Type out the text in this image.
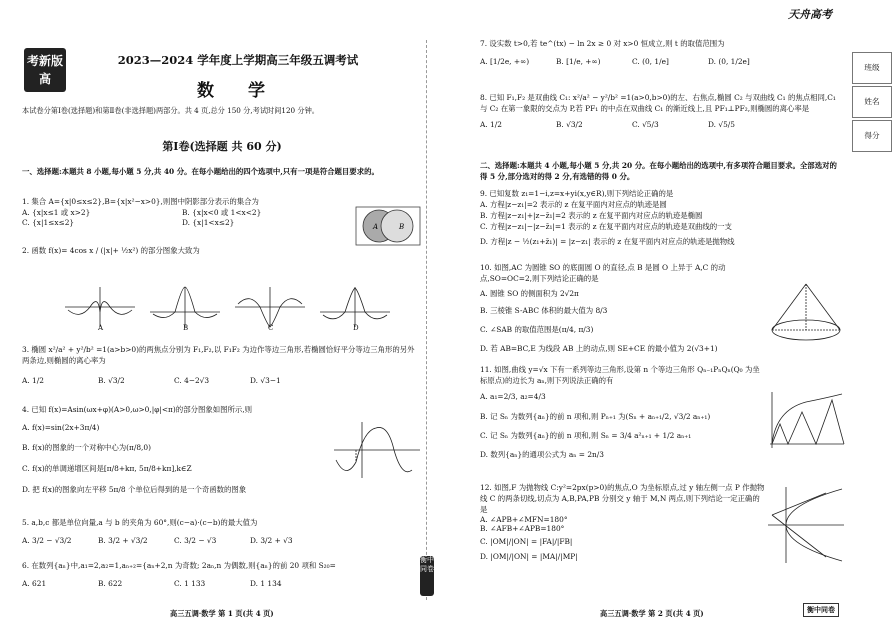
天舟高考
考新版高
2023—2024 学年度上学期高三年级五调考试
数 学
本试卷分第Ⅰ卷(选择题)和第Ⅱ卷(非选择题)两部分。共 4 页,总分 150 分,考试时间120 分钟。
第Ⅰ卷(选择题 共 60 分)
班级
姓名
得分
一、选择题:本题共 8 小题,每小题 5 分,共 40 分。在每小题给出的四个选项中,只有一项是符合题目要求的。
1. 集合 A={x|0≤x≤2},B={x|x²−x>0},则图中阴影部分表示的集合为
A. {x|x≤1 或 x>2}	B. {x|x<0 或 1<x<2}
C. {x|1≤x≤2}	D. {x|1<x≤2}	A	B
2. 函数 f(x)= 4cos x / (|x|+ ½x²) 的部分图象大致为
A	B	C	D
3. 椭圆 x²/a² + y²/b² =1(a>b>0)的两焦点分别为 F₁,F₂,以 F₁F₂ 为边作等边三角形,若椭圆恰好平分等边三角形的另外两条边,则椭圆的离心率为
A. 1/2	B. √3/2	C. 4−2√3	D. √3−1
4. 已知 f(x)=Asin(ωx+φ)(A>0,ω>0,|φ|<π)的部分图象如图所示,则
A. f(x)=sin(2x+3π/4)
B. f(x)的图象的一个对称中心为(π/8,0)
C. f(x)的单调递增区间是[π/8+kπ, 5π/8+kπ],k∈Z
D. 把 f(x)的图象向左平移 5π/8 个单位后得到的是一个奇函数的图象
5. a,b,c 都是单位向量,a 与 b 的夹角为 60°,则(c−a)·(c−b)的最大值为
A. 3/2 − √3/2	B. 3/2 + √3/2	C. 3/2 − √3	D. 3/2 + √3
6. 在数列{aₙ}中,a₁=2,a₂=1,aₙ₊₂={aₙ+2,n 为奇数; 2aₙ,n 为偶数,则{aₙ}的前 20 项和 S₂₀=
A. 621	B. 622	C. 1 133	D. 1 134
高三五调·数学 第 1 页(共 4 页)
衡中同卷
7. 设实数 t>0,若 te^(tx) − ln 2x ≥ 0 对 x>0 恒成立,则 t 的取值范围为
A. [1/2e, +∞)	B. [1/e, +∞)	C. (0, 1/e]	D. (0, 1/2e]
8. 已知 F₁,F₂ 是双曲线 C₁: x²/a² − y²/b² =1(a>0,b>0)的左、右焦点,椭圆 C₂ 与双曲线 C₁ 的焦点相同,C₁ 与 C₂ 在第一象限的交点为 P,若 PF₁ 的中点在双曲线 C₁ 的渐近线上,且 PF₁⊥PF₂,则椭圆的离心率是
A. 1/2	B. √3/2	C. √5/3	D. √5/5
二、选择题:本题共 4 小题,每小题 5 分,共 20 分。在每小题给出的选项中,有多项符合题目要求。全部选对的得 5 分,部分选对的得 2 分,有选错的得 0 分。
9. 已知复数 z₁=1−i,z=x+yi(x,y∈R),则下列结论正确的是
A. 方程|z−z₁|=2 表示的 z 在复平面内对应点的轨迹是圆
B. 方程|z−z₁|+|z−z̄₁|=2 表示的 z 在复平面内对应点的轨迹是椭圆
C. 方程|z−z₁|−|z−z̄₁|=1 表示的 z 在复平面内对应点的轨迹是双曲线的一支
D. 方程|z − ½(z₁+z̄₁)| = |z−z₁| 表示的 z 在复平面内对应点的轨迹是抛物线
10. 如图,AC 为圆锥 SO 的底面圆 O 的直径,点 B 是圆 O 上异于 A,C 的动点,SO=OC=2,则下列结论正确的是
A. 圆锥 SO 的侧面积为 2√2π
B. 三棱锥 S-ABC 体积的最大值为 8/3
C. ∠SAB 的取值范围是(π/4, π/3)
D. 若 AB=BC,E 为线段 AB 上的动点,则 SE+CE 的最小值为 2(√3+1)
11. 如图,曲线 y=√x 下有一系列等边三角形,设第 n 个等边三角形 Qₙ₋₁PₙQₙ(Q₀ 为坐标原点)的边长为 aₙ,则下列说法正确的有
A. a₁=2/3, a₂=4/3
B. 记 Sₙ 为数列{aₙ}的前 n 项和,则 Pₙ₊₁ 为(Sₙ + aₙ₊₁/2, √3/2 aₙ₊₁)
C. 记 Sₙ 为数列{aₙ}的前 n 项和,则 Sₙ = 3/4 a²ₙ₊₁ + 1/2 aₙ₊₁
D. 数列{aₙ}的通项公式为 aₙ = 2n/3
12. 如图,F 为抛物线 C:y²=2px(p>0)的焦点,O 为坐标原点,过 y 轴左侧一点 P 作抛物线 C 的两条切线,切点为 A,B,PA,PB 分别交 y 轴于 M,N 两点,则下列结论一定正确的是
A. ∠APB+∠MFN=180°
B. ∠AFB+∠APB=180°
C. |OM|/|ON| = |FA|/|FB|
D. |OM|/|ON| = |MA|/|MP|
高三五调·数学 第 2 页(共 4 页)	衡中同卷
